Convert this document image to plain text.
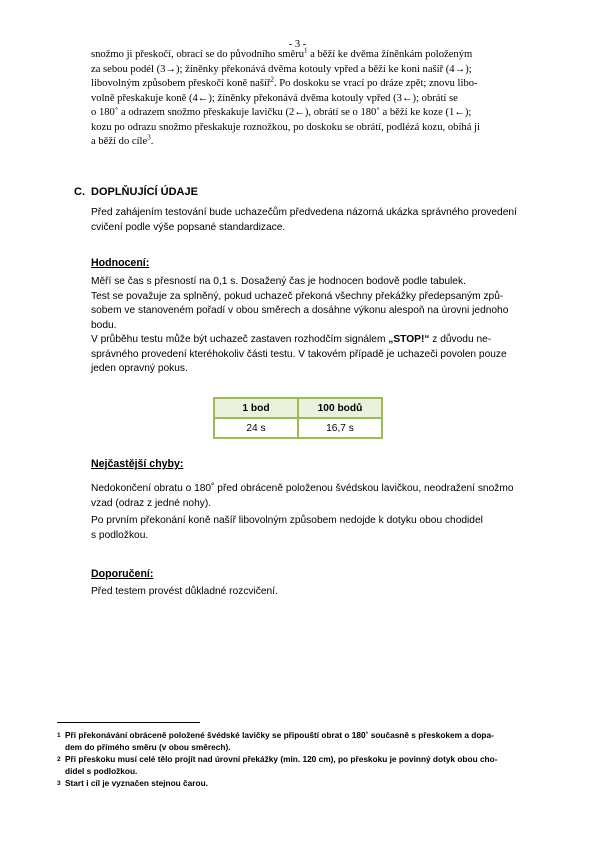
- 3 -

snožmo ji přeskočí, obrací se do původního směru$^1$ a běží ke dvěma žíněnkám položeným

za sebou podél (3→); žíněnky překonává dvěma kotouly vpřed a běží ke koni našíř (4→);

libovolným způsobem přeskočí koně našíř$^2$. Po doskoku se vrací po dráze zpět; znovu libo-

volně přeskakuje koně (4←); žíněnky překonává dvěma kotouly vpřed (3←); obrátí se

o 180˚ a odrazem snožmo přeskakuje lavičku (2←), obrátí se o 180˚ a běží ke koze (1←);

kozu po odrazu snožmo přeskakuje roznožkou, po doskoku se obrátí, podlézá kozu, obíhá ji

a běží do cíle$^3$.

C. DOPLŇUJÍCÍ ÚDAJE

Před zahájením testování bude uchazečům předvedena názorná ukázka správného provedení

cvičení podle výše popsané standardizace.

Hodnocení:

Měří se čas s přesností na 0,1 s. Dosažený čas je hodnocen bodově podle tabulek.

Test se považuje za splněný, pokud uchazeč překoná všechny překážky předepsaným způ-

sobem ve stanoveném pořadí v obou směrech a dosáhne výkonu alespoň na úrovni jednoho

bodu.

V průběhu testu může být uchazeč zastaven rozhodčím signálem „STOP!“ z důvodu ne-

správného provedení kteréhokoliv části testu. V takovém případě je uchazeči povolen pouze

jeden opravný pokus.

1 bod	100 bodů
24 s	16,7 s
Nejčastější chyby:

Nedokončení obratu o 180˚ před obráceně položenou švédskou lavičkou, neodražení snožmo

vzad (odraz z jedné nohy).

Po prvním překonání koně našíř libovolným způsobem nedojde k dotyku obou chodidel

s podložkou.

Doporučení:

Před testem provést důkladné rozcvičení.

1 Při překonávání obráceně položené švédské lavičky se připouští obrat o 180˚ současně s přeskokem a dopa-
dem do přímého směru (v obou směrech).
2 Při přeskoku musí celé tělo projít nad úrovní překážky (min. 120 cm), po přeskoku je povinný dotyk obou cho-
didel s podložkou.
3 Start i cíl je vyznačen stejnou čarou.
